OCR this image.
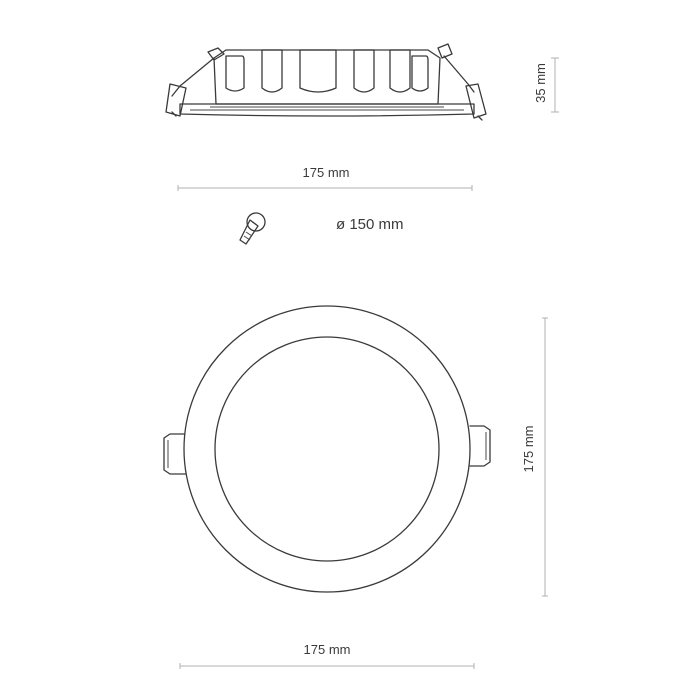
35 mm
175 mm
ø 150 mm
175 mm
175 mm
